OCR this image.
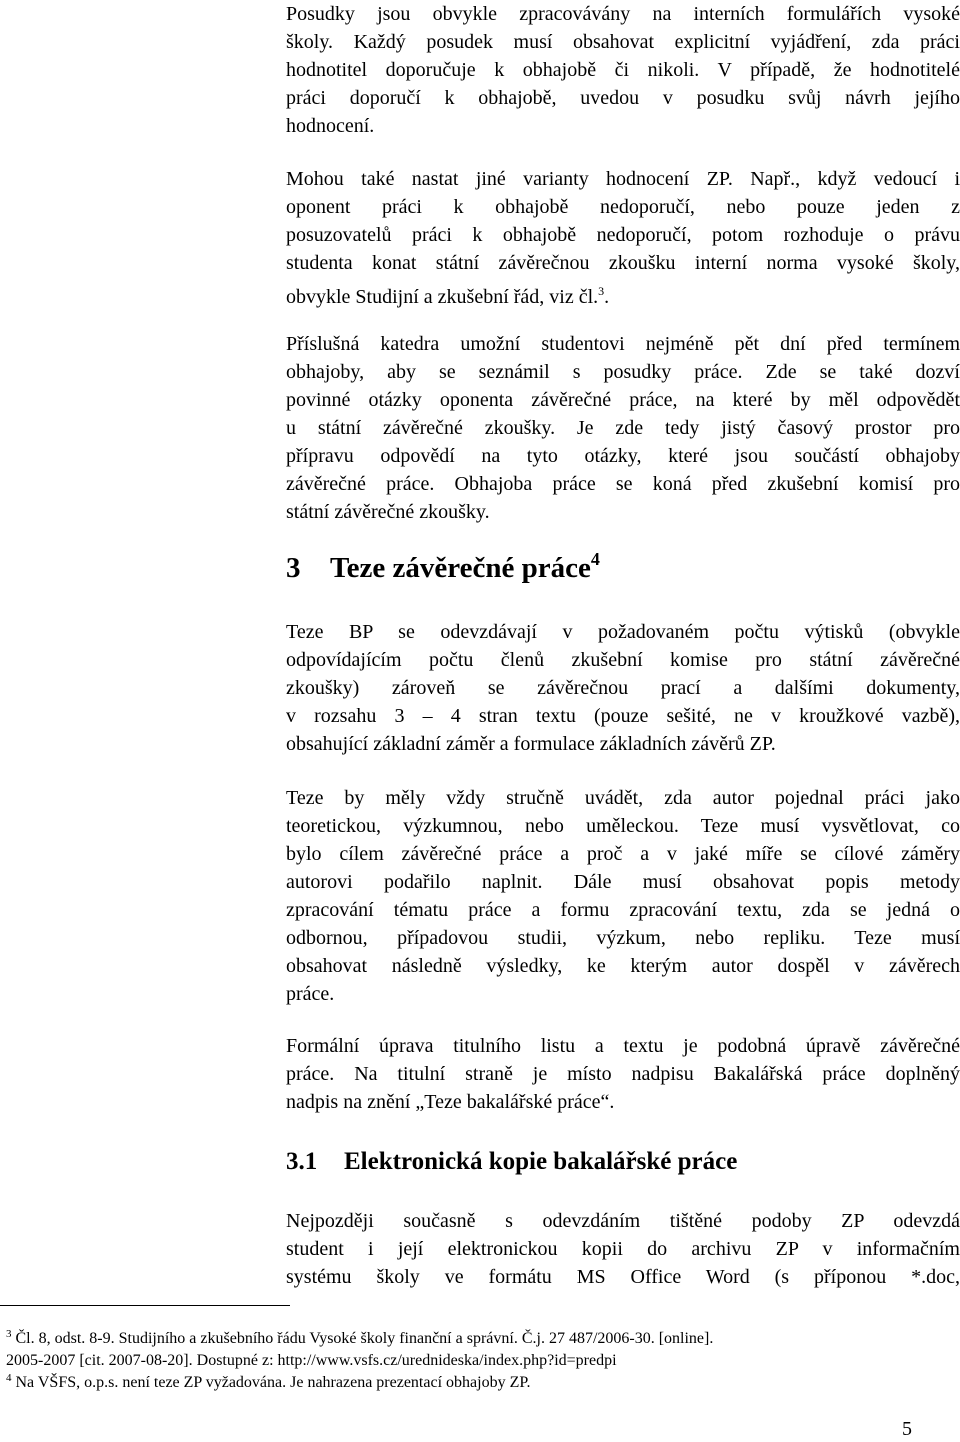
Posudky jsou obvykle zpracovávány na interních formulářích vysoké
školy. Každý posudek musí obsahovat explicitní vyjádření, zda práci
hodnotitel doporučuje k obhajobě či nikoli. V případě, že hodnotitelé
práci doporučí k obhajobě, uvedou v posudku svůj návrh jejího
hodnocení.

Mohou také nastat jiné varianty hodnocení ZP. Např., když vedoucí i
oponent práci k obhajobě nedoporučí, nebo pouze jeden z
posuzovatelů práci k obhajobě nedoporučí, potom rozhoduje o právu
studenta konat státní závěrečnou zkoušku interní norma vysoké školy,
obvykle Studijní a zkušební řád, viz čl.$^3$.

Příslušná katedra umožní studentovi nejméně pět dní před termínem
obhajoby, aby se seznámil s posudky práce. Zde se také dozví
povinné otázky oponenta závěrečné práce, na které by měl odpovědět
u státní závěrečné zkoušky. Je zde tedy jistý časový prostor pro
přípravu odpovědí na tyto otázky, které jsou součástí obhajoby
závěrečné práce. Obhajoba práce se koná před zkušební komisí pro
státní závěrečné zkoušky.

3 Teze závěrečné práce$^4$

Teze BP se odevzdávají v požadovaném počtu výtisků (obvykle
odpovídajícím počtu členů zkušební komise pro státní závěrečné
zkoušky) zároveň se závěrečnou prací a dalšími dokumenty,
v rozsahu 3 – 4 stran textu (pouze sešité, ne v kroužkové vazbě),
obsahující základní záměr a formulace základních závěrů ZP.

Teze by měly vždy stručně uvádět, zda autor pojednal práci jako
teoretickou, výzkumnou, nebo uměleckou. Teze musí vysvětlovat, co
bylo cílem závěrečné práce a proč a v jaké míře se cílové záměry
autorovi podařilo naplnit. Dále musí obsahovat popis metody
zpracování tématu práce a formu zpracování textu, zda se jedná o
odbornou, případovou studii, výzkum, nebo repliku. Teze musí
obsahovat následně výsledky, ke kterým autor dospěl v závěrech
práce.

Formální úprava titulního listu a textu je podobná úpravě závěrečné
práce. Na titulní straně je místo nadpisu Bakalářská práce doplněný
nadpis na znění „Teze bakalářské práce“.

3.1 Elektronická kopie bakalářské práce

Nejpozději současně s odevzdáním tištěné podoby ZP odevzdá
student i její elektronickou kopii do archivu ZP v informačním
systému školy ve formátu MS Office Word (s příponou *.doc,

$^3$ Čl. 8, odst. 8-9. Studijního a zkušebního řádu Vysoké školy finanční a správní. Č.j. 27 487/2006-30. [online].
2005-2007 [cit. 2007-08-20]. Dostupné z: http://www.vsfs.cz/urednideska/index.php?id=predpi

$^4$ Na VŠFS, o.p.s. není teze ZP vyžadována. Je nahrazena prezentací obhajoby ZP.

5
